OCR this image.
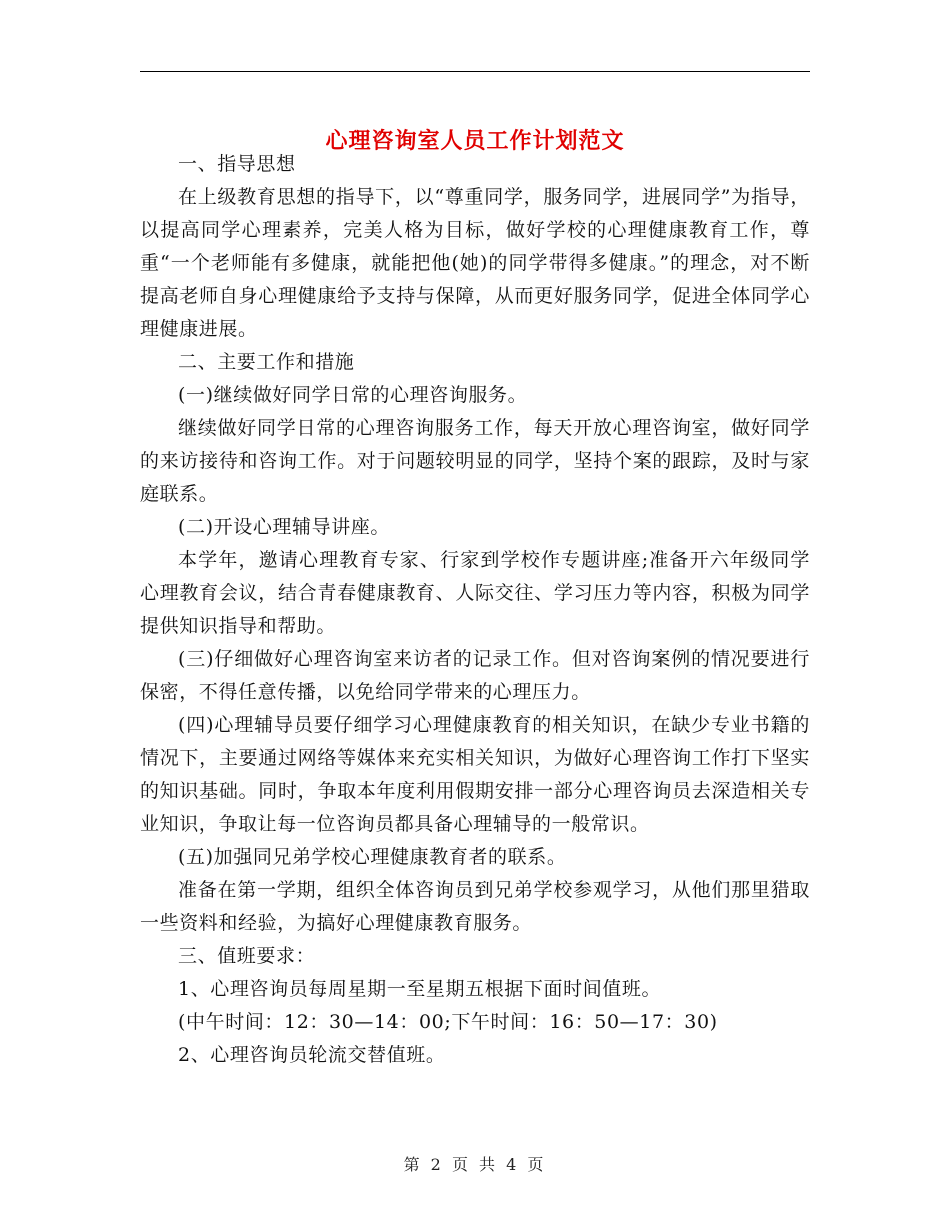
心理咨询室人员工作计划范文

一、指导思想

在上级教育思想的指导下，以“尊重同学，服务同学，进展同学”为指导，以提高同学心理素养，完美人格为目标，做好学校的心理健康教育工作，尊重“一个老师能有多健康，就能把他(她)的同学带得多健康。”的理念，对不断提高老师自身心理健康给予支持与保障，从而更好服务同学，促进全体同学心理健康进展。

二、主要工作和措施

(一)继续做好同学日常的心理咨询服务。

继续做好同学日常的心理咨询服务工作，每天开放心理咨询室，做好同学的来访接待和咨询工作。对于问题较明显的同学，坚持个案的跟踪，及时与家庭联系。

(二)开设心理辅导讲座。

本学年，邀请心理教育专家、行家到学校作专题讲座;准备开六年级同学心理教育会议，结合青春健康教育、人际交往、学习压力等内容，积极为同学提供知识指导和帮助。

(三)仔细做好心理咨询室来访者的记录工作。但对咨询案例的情况要进行保密，不得任意传播，以免给同学带来的心理压力。

(四)心理辅导员要仔细学习心理健康教育的相关知识，在缺少专业书籍的情况下，主要通过网络等媒体来充实相关知识，为做好心理咨询工作打下坚实的知识基础。同时，争取本年度利用假期安排一部分心理咨询员去深造相关专业知识，争取让每一位咨询员都具备心理辅导的一般常识。

(五)加强同兄弟学校心理健康教育者的联系。

准备在第一学期，组织全体咨询员到兄弟学校参观学习，从他们那里猎取一些资料和经验，为搞好心理健康教育服务。

三、值班要求：

1、心理咨询员每周星期一至星期五根据下面时间值班。

(中午时间：12：30—14：00;下午时间：16：50—17：30)

2、心理咨询员轮流交替值班。

第 2 页 共 4 页
